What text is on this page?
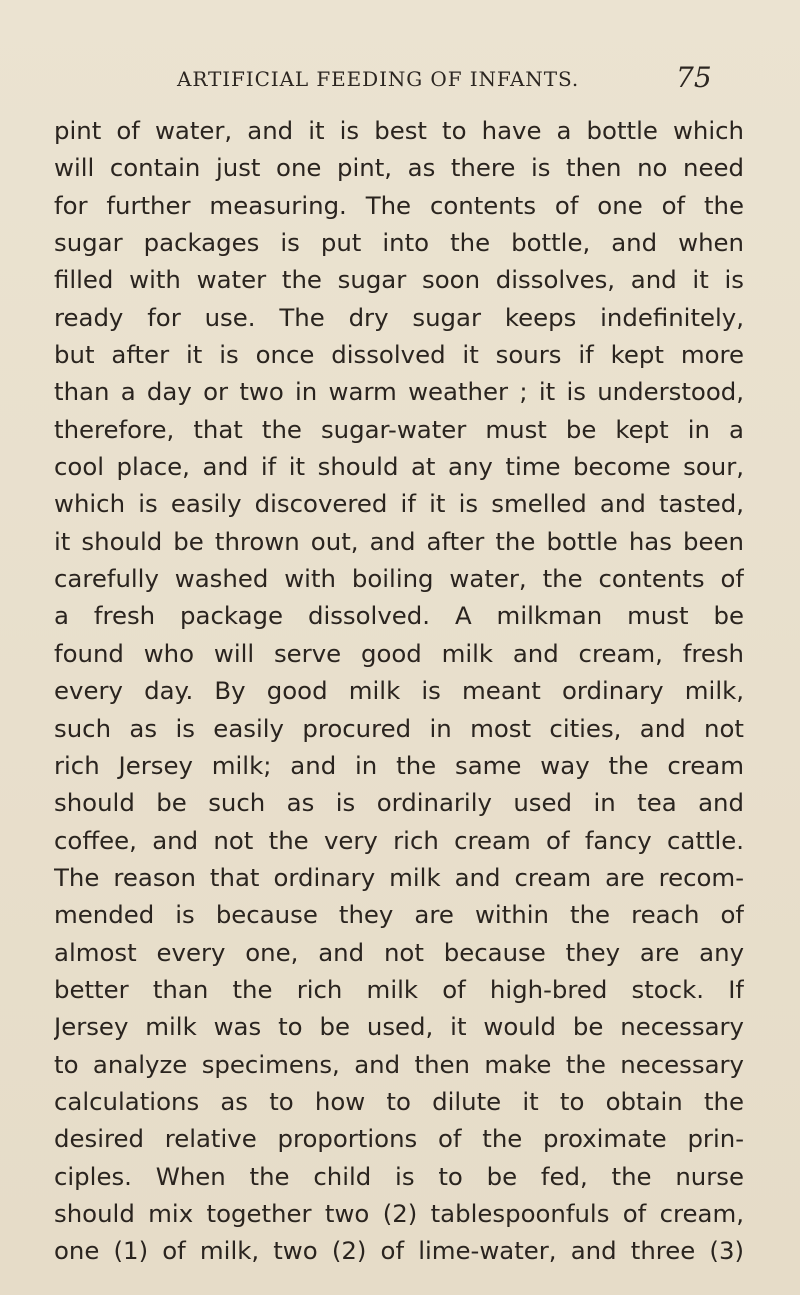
ARTIFICIAL FEEDING OF INFANTS.	75
pint of water, and it is best to have a bottle which
will contain just one pint, as there is then no need
for further measuring. The contents of one of the
sugar packages is put into the bottle, and when
filled with water the sugar soon dissolves, and it is
ready for use. The dry sugar keeps indefinitely,
but after it is once dissolved it sours if kept more
than a day or two in warm weather ; it is understood,
therefore, that the sugar-water must be kept in a
cool place, and if it should at any time become sour,
which is easily discovered if it is smelled and tasted,
it should be thrown out, and after the bottle has been
carefully washed with boiling water, the contents of
a fresh package dissolved. A milkman must be
found who will serve good milk and cream, fresh
every day. By good milk is meant ordinary milk,
such as is easily procured in most cities, and not
rich Jersey milk; and in the same way the cream
should be such as is ordinarily used in tea and
coffee, and not the very rich cream of fancy cattle.
The reason that ordinary milk and cream are recom-
mended is because they are within the reach of
almost every one, and not because they are any
better than the rich milk of high-bred stock. If
Jersey milk was to be used, it would be necessary
to analyze specimens, and then make the necessary
calculations as to how to dilute it to obtain the
desired relative proportions of the proximate prin-
ciples. When the child is to be fed, the nurse
should mix together two (2) tablespoonfuls of cream,
one (1) of milk, two (2) of lime-water, and three (3)
